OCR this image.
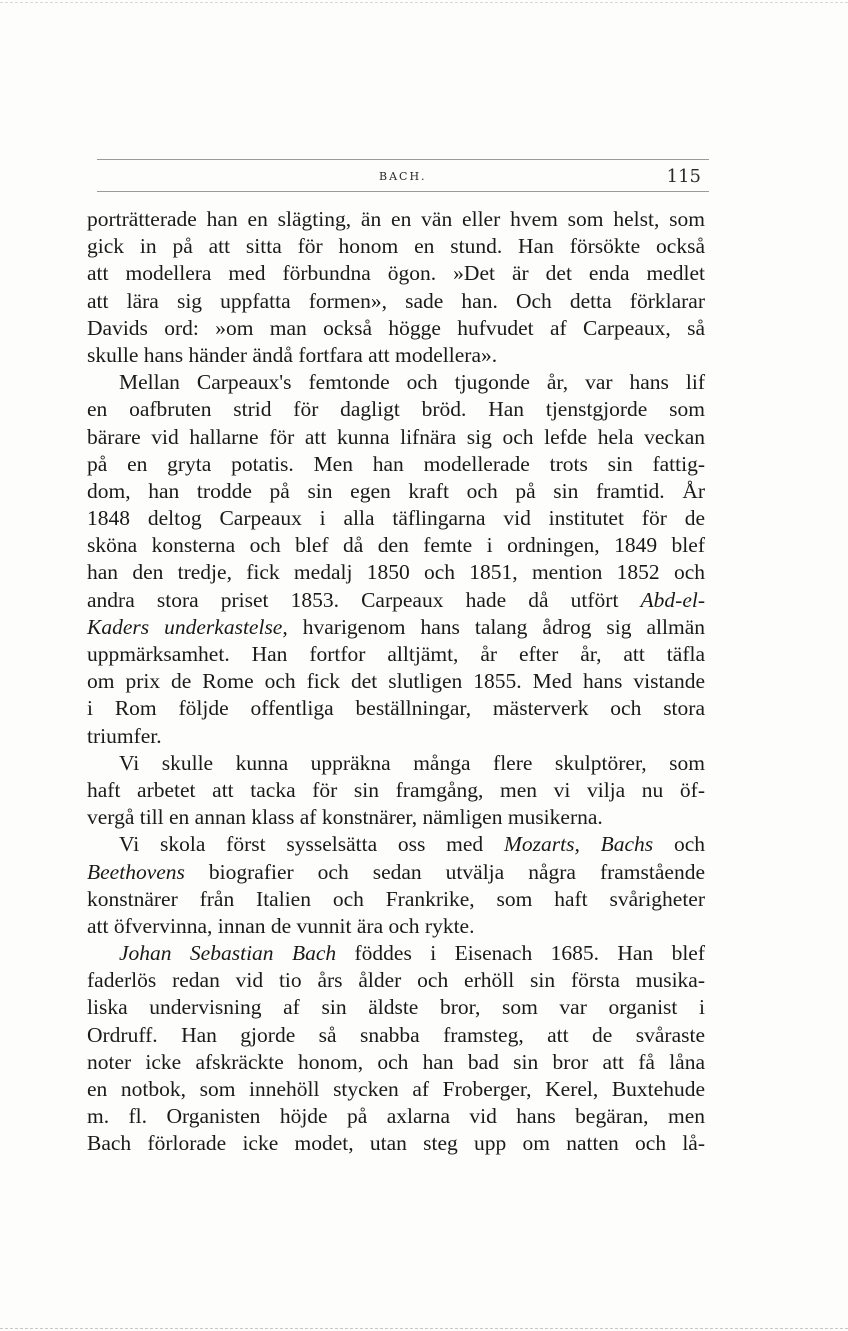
BACH.	115
porträtterade han en slägting, än en vän eller hvem som helst, som
gick in på att sitta för honom en stund. Han försökte också
att modellera med förbundna ögon. »Det är det enda medlet
att lära sig uppfatta formen», sade han. Och detta förklarar
Davids ord: »om man också högge hufvudet af Carpeaux, så
skulle hans händer ändå fortfara att modellera».
Mellan Carpeaux's femtonde och tjugonde år, var hans lif
en oafbruten strid för dagligt bröd. Han tjenstgjorde som
bärare vid hallarne för att kunna lifnära sig och lefde hela veckan
på en gryta potatis. Men han modellerade trots sin fattig-
dom, han trodde på sin egen kraft och på sin framtid. År
1848 deltog Carpeaux i alla täflingarna vid institutet för de
sköna konsterna och blef då den femte i ordningen, 1849 blef
han den tredje, fick medalj 1850 och 1851, mention 1852 och
andra stora priset 1853. Carpeaux hade då utfört Abd-el-
Kaders underkastelse, hvarigenom hans talang ådrog sig allmän
uppmärksamhet. Han fortfor alltjämt, år efter år, att täfla
om prix de Rome och fick det slutligen 1855. Med hans vistande
i Rom följde offentliga beställningar, mästerverk och stora
triumfer.
Vi skulle kunna uppräkna många flere skulptörer, som
haft arbetet att tacka för sin framgång, men vi vilja nu öf-
vergå till en annan klass af konstnärer, nämligen musikerna.
Vi skola först sysselsätta oss med Mozarts, Bachs och
Beethovens biografier och sedan utvälja några framstående
konstnärer från Italien och Frankrike, som haft svårigheter
att öfvervinna, innan de vunnit ära och rykte.
Johan Sebastian Bach föddes i Eisenach 1685. Han blef
faderlös redan vid tio års ålder och erhöll sin första musika-
liska undervisning af sin äldste bror, som var organist i
Ordruff. Han gjorde så snabba framsteg, att de svåraste
noter icke afskräckte honom, och han bad sin bror att få låna
en notbok, som innehöll stycken af Froberger, Kerel, Buxtehude
m. fl. Organisten höjde på axlarna vid hans begäran, men
Bach förlorade icke modet, utan steg upp om natten och lå-
